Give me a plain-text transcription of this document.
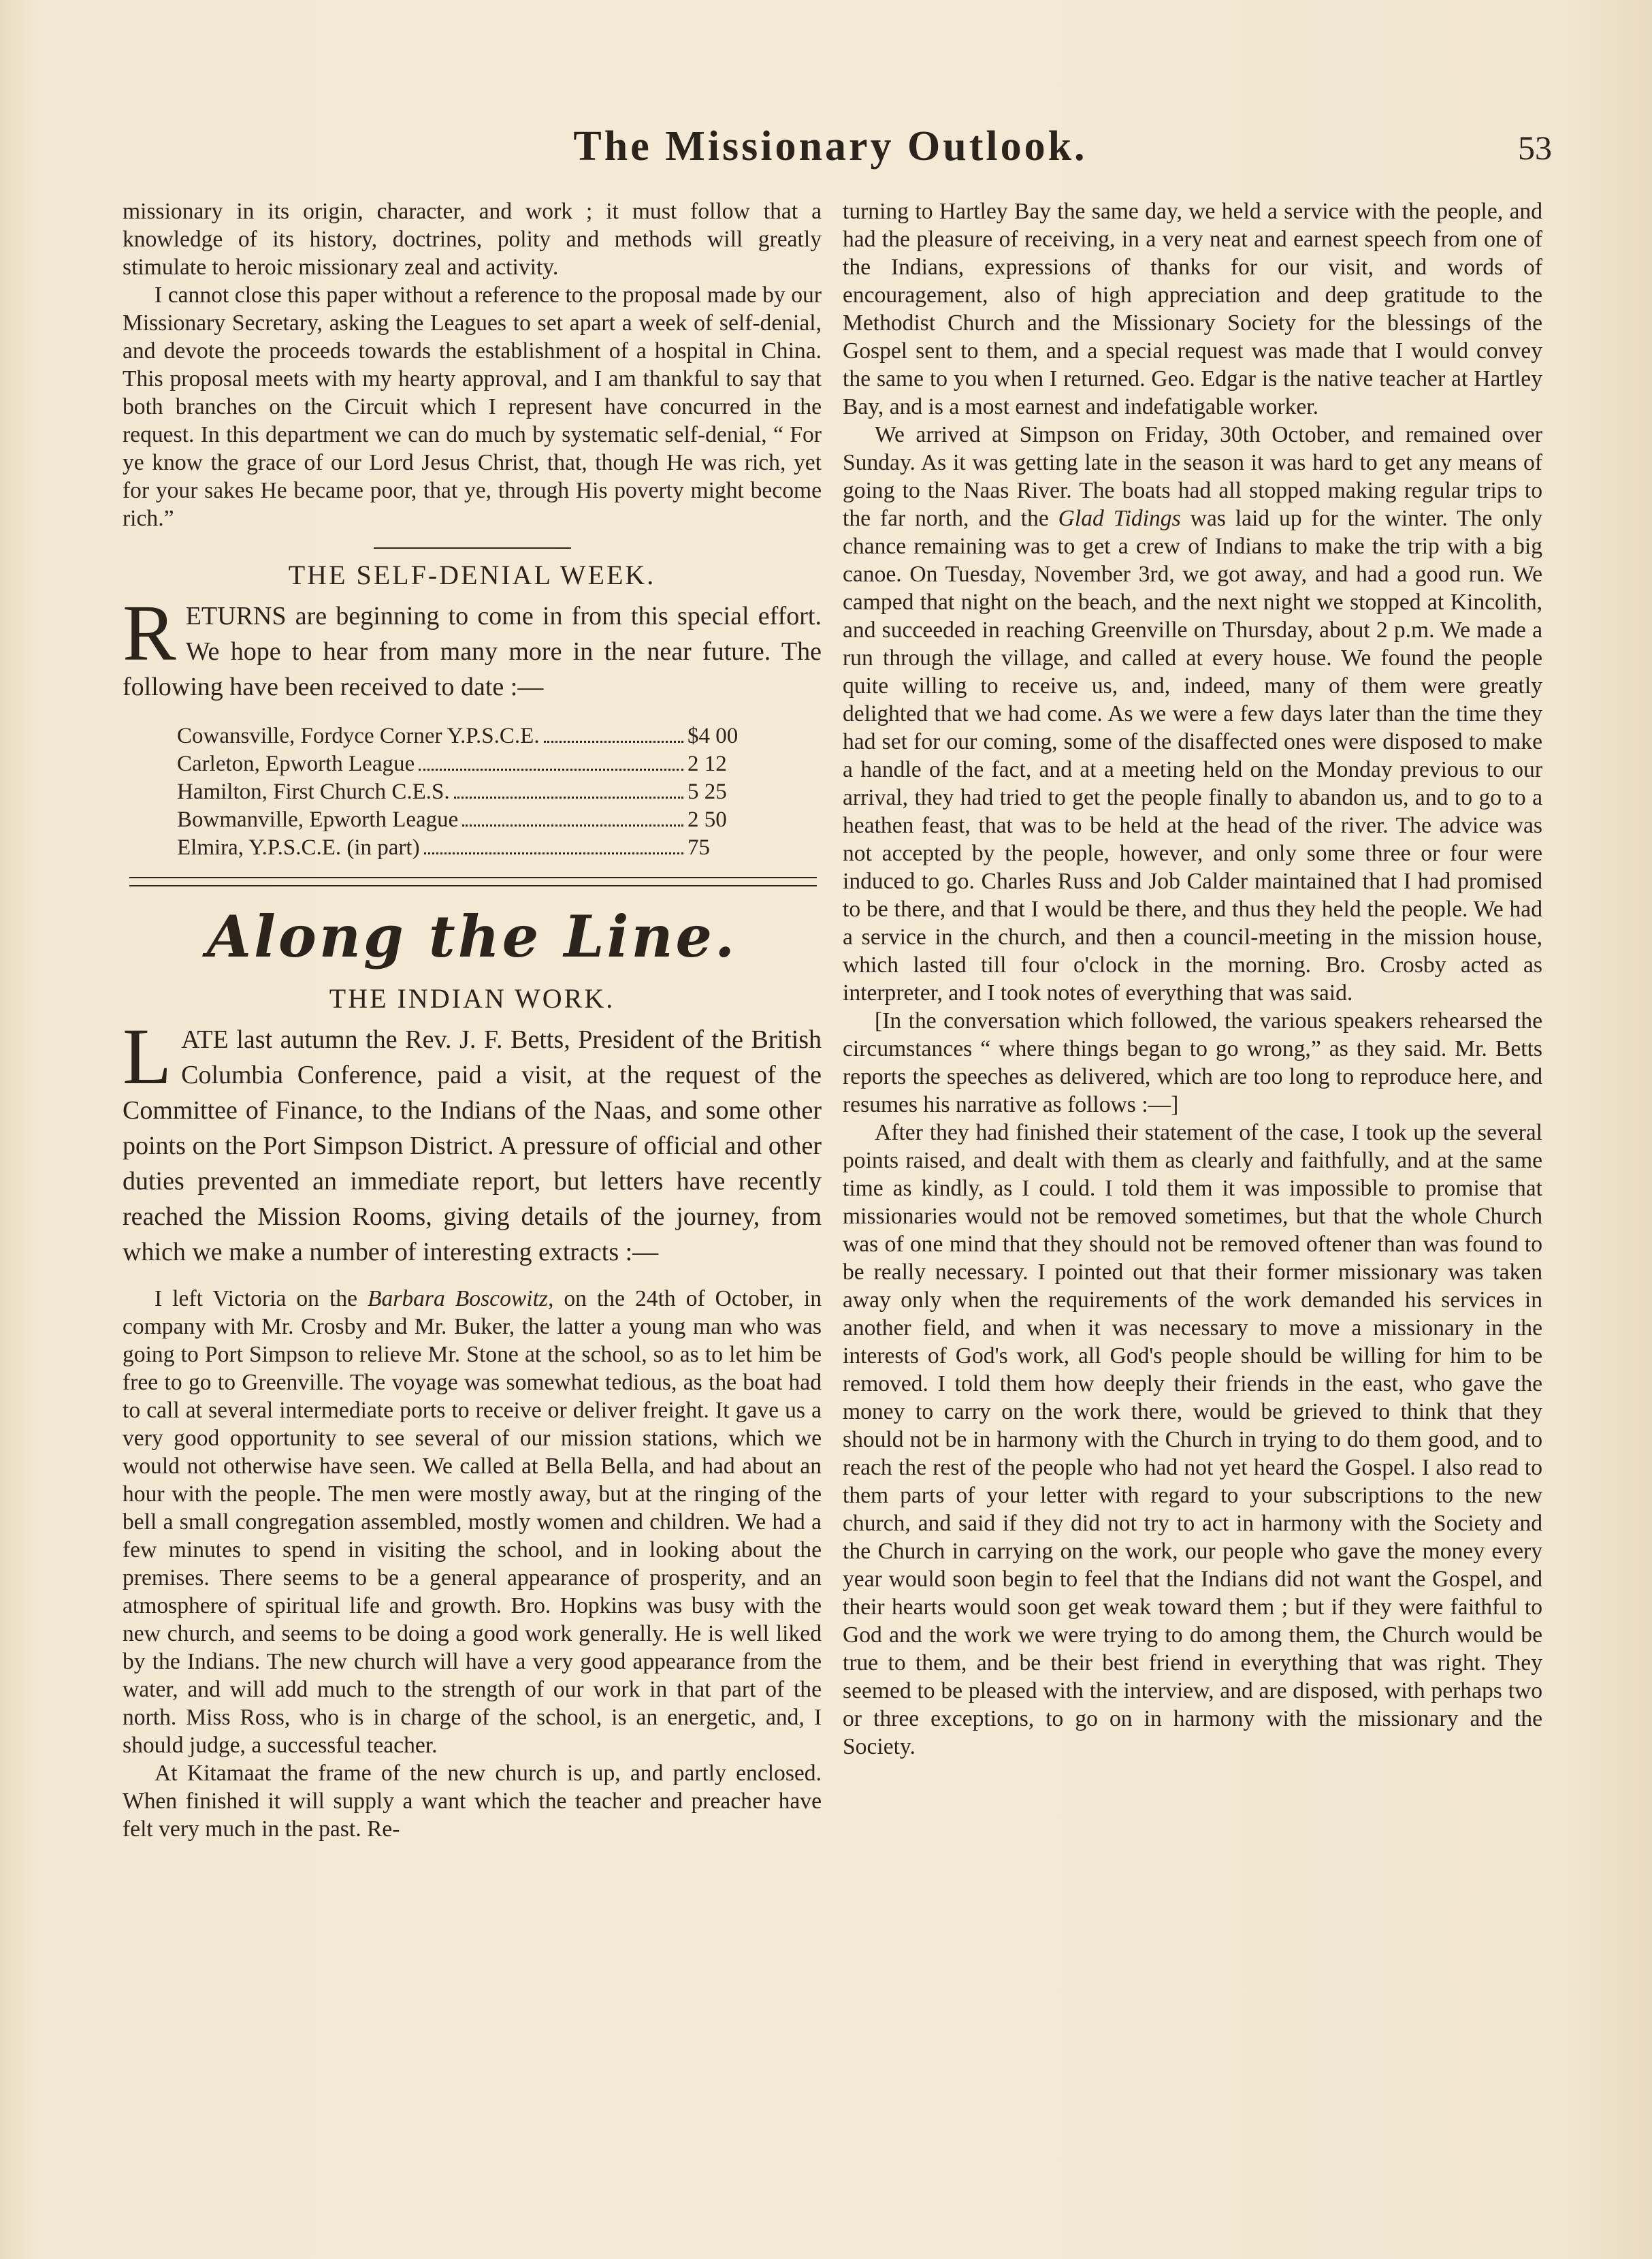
The Missionary Outlook.	53

missionary in its origin, character, and work ; it must follow that a knowledge of its history, doctrines, polity and methods will greatly stimulate to heroic missionary zeal and activity.

I cannot close this paper without a reference to the proposal made by our Missionary Secretary, asking the Leagues to set apart a week of self-denial, and devote the proceeds towards the establishment of a hospital in China. This proposal meets with my hearty approval, and I am thankful to say that both branches on the Circuit which I represent have concurred in the request. In this department we can do much by systematic self-denial, “ For ye know the grace of our Lord Jesus Christ, that, though He was rich, yet for your sakes He became poor, that ye, through His poverty might become rich.”

THE SELF-DENIAL WEEK.
RETURNS are beginning to come in from this special effort. We hope to hear from many more in the near future. The following have been received to date :—
Cowansville, Fordyce Corner Y.P.S.C.E.	$4 00
Carleton, Epworth League	2 12
Hamilton, First Church C.E.S.	5 25
Bowmanville, Epworth League	2 50
Elmira, Y.P.S.C.E. (in part)	75
Along the Line.
THE INDIAN WORK.
LATE last autumn the Rev. J. F. Betts, President of the British Columbia Conference, paid a visit, at the request of the Committee of Finance, to the Indians of the Naas, and some other points on the Port Simpson District. A pressure of official and other duties prevented an immediate report, but letters have recently reached the Mission Rooms, giving details of the journey, from which we make a number of interesting extracts :—

I left Victoria on the Barbara Boscowitz, on the 24th of October, in company with Mr. Crosby and Mr. Buker, the latter a young man who was going to Port Simpson to relieve Mr. Stone at the school, so as to let him be free to go to Greenville. The voyage was somewhat tedious, as the boat had to call at several intermediate ports to receive or deliver freight. It gave us a very good opportunity to see several of our mission stations, which we would not otherwise have seen. We called at Bella Bella, and had about an hour with the people. The men were mostly away, but at the ringing of the bell a small congregation assembled, mostly women and children. We had a few minutes to spend in visiting the school, and in looking about the premises. There seems to be a general appearance of prosperity, and an atmosphere of spiritual life and growth. Bro. Hopkins was busy with the new church, and seems to be doing a good work generally. He is well liked by the Indians. The new church will have a very good appearance from the water, and will add much to the strength of our work in that part of the north. Miss Ross, who is in charge of the school, is an energetic, and, I should judge, a successful teacher.

At Kitamaat the frame of the new church is up, and partly enclosed. When finished it will supply a want which the teacher and preacher have felt very much in the past. Re-

turning to Hartley Bay the same day, we held a service with the people, and had the pleasure of receiving, in a very neat and earnest speech from one of the Indians, expressions of thanks for our visit, and words of encouragement, also of high appreciation and deep gratitude to the Methodist Church and the Missionary Society for the blessings of the Gospel sent to them, and a special request was made that I would convey the same to you when I returned. Geo. Edgar is the native teacher at Hartley Bay, and is a most earnest and indefatigable worker.

We arrived at Simpson on Friday, 30th October, and remained over Sunday. As it was getting late in the season it was hard to get any means of going to the Naas River. The boats had all stopped making regular trips to the far north, and the Glad Tidings was laid up for the winter. The only chance remaining was to get a crew of Indians to make the trip with a big canoe. On Tuesday, November 3rd, we got away, and had a good run. We camped that night on the beach, and the next night we stopped at Kincolith, and succeeded in reaching Greenville on Thursday, about 2 p.m. We made a run through the village, and called at every house. We found the people quite willing to receive us, and, indeed, many of them were greatly delighted that we had come. As we were a few days later than the time they had set for our coming, some of the disaffected ones were disposed to make a handle of the fact, and at a meeting held on the Monday previous to our arrival, they had tried to get the people finally to abandon us, and to go to a heathen feast, that was to be held at the head of the river. The advice was not accepted by the people, however, and only some three or four were induced to go. Charles Russ and Job Calder maintained that I had promised to be there, and that I would be there, and thus they held the people. We had a service in the church, and then a council-meeting in the mission house, which lasted till four o'clock in the morning. Bro. Crosby acted as interpreter, and I took notes of everything that was said.

[In the conversation which followed, the various speakers rehearsed the circumstances “ where things began to go wrong,” as they said. Mr. Betts reports the speeches as delivered, which are too long to reproduce here, and resumes his narrative as follows :—]

After they had finished their statement of the case, I took up the several points raised, and dealt with them as clearly and faithfully, and at the same time as kindly, as I could. I told them it was impossible to promise that missionaries would not be removed sometimes, but that the whole Church was of one mind that they should not be removed oftener than was found to be really necessary. I pointed out that their former missionary was taken away only when the requirements of the work demanded his services in another field, and when it was necessary to move a missionary in the interests of God's work, all God's people should be willing for him to be removed. I told them how deeply their friends in the east, who gave the money to carry on the work there, would be grieved to think that they should not be in harmony with the Church in trying to do them good, and to reach the rest of the people who had not yet heard the Gospel. I also read to them parts of your letter with regard to your subscriptions to the new church, and said if they did not try to act in harmony with the Society and the Church in carrying on the work, our people who gave the money every year would soon begin to feel that the Indians did not want the Gospel, and their hearts would soon get weak toward them ; but if they were faithful to God and the work we were trying to do among them, the Church would be true to them, and be their best friend in everything that was right. They seemed to be pleased with the interview, and are disposed, with perhaps two or three exceptions, to go on in harmony with the missionary and the Society.
